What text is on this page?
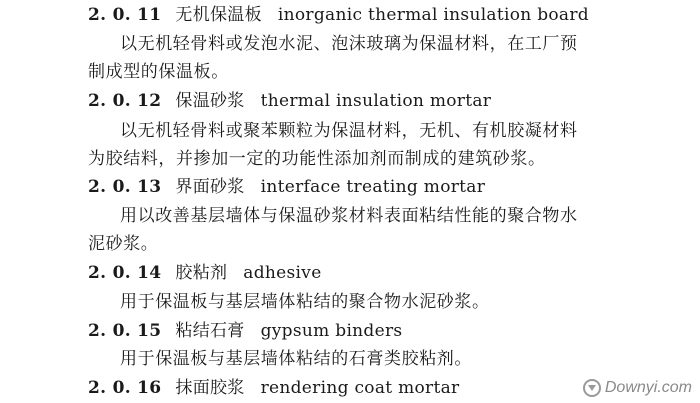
2. 0. 11 无机保温板 inorganic thermal insulation board
以无机轻骨料或发泡水泥、泡沫玻璃为保温材料，在工厂预
制成型的保温板。
2. 0. 12 保温砂浆 thermal insulation mortar
以无机轻骨料或聚苯颗粒为保温材料，无机、有机胶凝材料
为胶结料，并掺加一定的功能性添加剂而制成的建筑砂浆。
2. 0. 13 界面砂浆 interface treating mortar
用以改善基层墙体与保温砂浆材料表面粘结性能的聚合物水
泥砂浆。
2. 0. 14 胶粘剂 adhesive
用于保温板与基层墙体粘结的聚合物水泥砂浆。
2. 0. 15 粘结石膏 gypsum binders
用于保温板与基层墙体粘结的石膏类胶粘剂。
2. 0. 16 抹面胶浆 rendering coat mortar	Downyi.com
